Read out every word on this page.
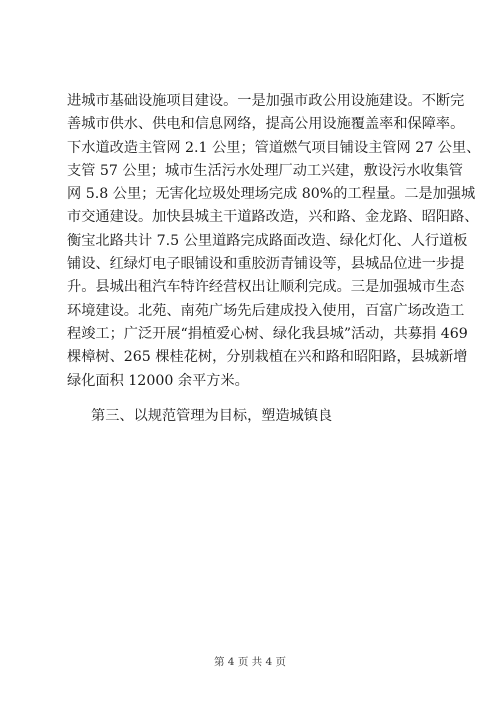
进城市基础设施项目建设。一是加强市政公用设施建设。不断完
善城市供水、供电和信息网络，提高公用设施覆盖率和保障率。
下水道改造主管网 2.1 公里；管道燃气项目铺设主管网 27 公里、
支管 57 公里；城市生活污水处理厂动工兴建，敷设污水收集管
网 5.8 公里；无害化垃圾处理场完成 80%的工程量。二是加强城
市交通建设。加快县城主干道路改造，兴和路、金龙路、昭阳路、
衡宝北路共计 7.5 公里道路完成路面改造、绿化灯化、人行道板
铺设、红绿灯电子眼铺设和重胶沥青铺设等，县城品位进一步提
升。县城出租汽车特许经营权出让顺利完成。三是加强城市生态
环境建设。北苑、南苑广场先后建成投入使用，百富广场改造工
程竣工；广泛开展“捐植爱心树、绿化我县城”活动，共募捐 469
棵樟树、265 棵桂花树，分别栽植在兴和路和昭阳路，县城新增
绿化面积 12000 余平方米。
第三、以规范管理为目标，塑造城镇良
第 4 页 共 4 页
